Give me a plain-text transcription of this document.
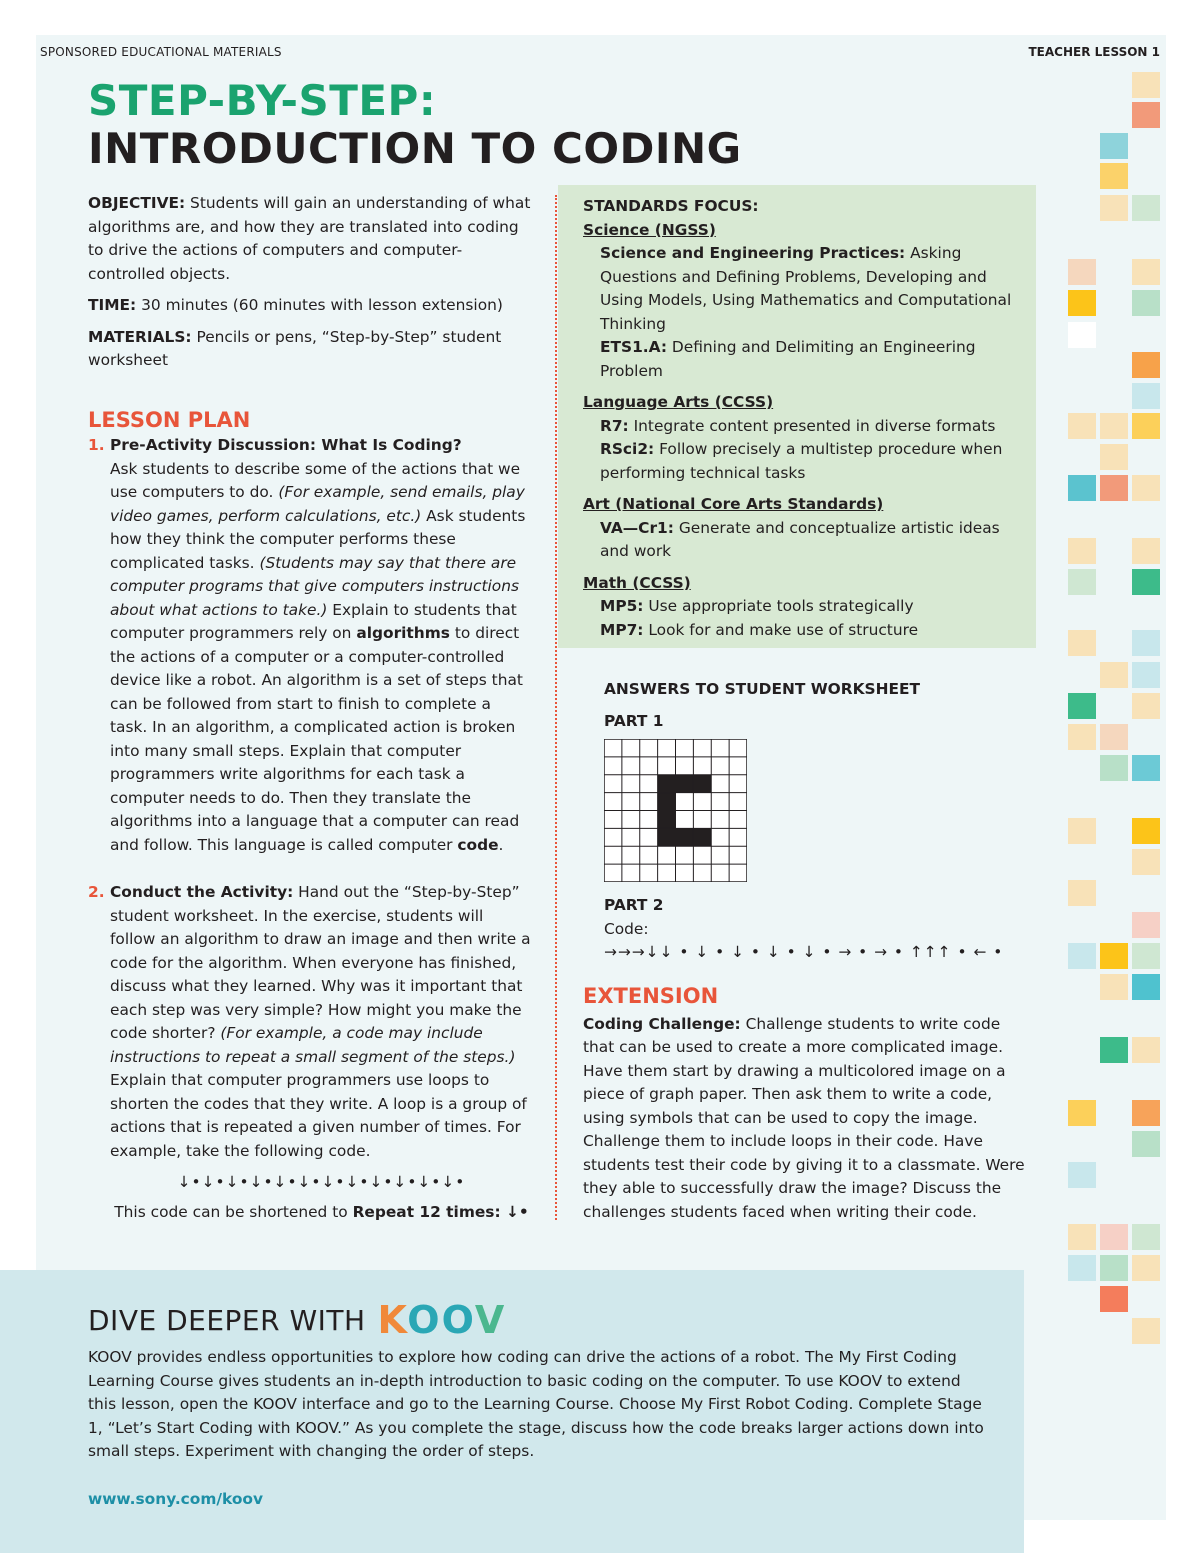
SPONSORED EDUCATIONAL MATERIALS	TEACHER LESSON 1
STEP-BY-STEP:
INTRODUCTION TO CODING

OBJECTIVE: Students will gain an understanding of what algorithms are, and how they are translated into coding to drive the actions of computers and computer-controlled objects.

TIME: 30 minutes (60 minutes with lesson extension)

MATERIALS: Pencils or pens, “Step-by-Step” student worksheet

LESSON PLAN
1. Pre-Activity Discussion: What Is Coding?
Ask students to describe some of the actions that we use computers to do. (For example, send emails, play video games, perform calculations, etc.) Ask students how they think the computer performs these complicated tasks. (Students may say that there are computer programs that give computers instructions about what actions to take.) Explain to students that computer programmers rely on algorithms to direct the actions of a computer or a computer-controlled device like a robot. An algorithm is a set of steps that can be followed from start to finish to complete a task. In an algorithm, a complicated action is broken into many small steps. Explain that computer programmers write algorithms for each task a computer needs to do. Then they translate the algorithms into a language that a computer can read and follow. This language is called computer code.
2. Conduct the Activity: Hand out the “Step-by-Step” student worksheet. In the exercise, students will follow an algorithm to draw an image and then write a code for the algorithm. When everyone has finished, discuss what they learned. Why was it important that each step was very simple? How might you make the code shorter? (For example, a code may include instructions to repeat a small segment of the steps.) Explain that computer programmers use loops to shorten the codes that they write. A loop is a group of actions that is repeated a given number of times. For example, take the following code.
↓•↓•↓•↓•↓•↓•↓•↓•↓•↓•↓•↓•
This code can be shortened to Repeat 12 times: ↓•
STANDARDS FOCUS:
Science (NGSS)
Science and Engineering Practices: Asking Questions and Defining Problems, Developing and Using Models, Using Mathematics and Computational Thinking
ETS1.A: Defining and Delimiting an Engineering Problem
Language Arts (CCSS)
R7: Integrate content presented in diverse formats
RSci2: Follow precisely a multistep procedure when performing technical tasks
Art (National Core Arts Standards)
VA—Cr1: Generate and conceptualize artistic ideas and work
Math (CCSS)
MP5: Use appropriate tools strategically
MP7: Look for and make use of structure
ANSWERS TO STUDENT WORKSHEET
PART 1
PART 2
Code:
→→→↓↓ • ↓ • ↓ • ↓ • ↓ • → • → • ↑↑↑ • ← •
EXTENSION
Coding Challenge: Challenge students to write code that can be used to create a more complicated image. Have them start by drawing a multicolored image on a piece of graph paper. Then ask them to write a code, using symbols that can be used to copy the image. Challenge them to include loops in their code. Have students test their code by giving it to a classmate. Were they able to successfully draw the image? Discuss the challenges students faced when writing their code.
DIVE DEEPER WITH KOOV
KOOV provides endless opportunities to explore how coding can drive the actions of a robot. The My First Coding Learning Course gives students an in-depth introduction to basic coding on the computer. To use KOOV to extend this lesson, open the KOOV interface and go to the Learning Course. Choose My First Robot Coding. Complete Stage 1, “Let’s Start Coding with KOOV.” As you complete the stage, discuss how the code breaks larger actions down into small steps. Experiment with changing the order of steps.
www.sony.com/koov
